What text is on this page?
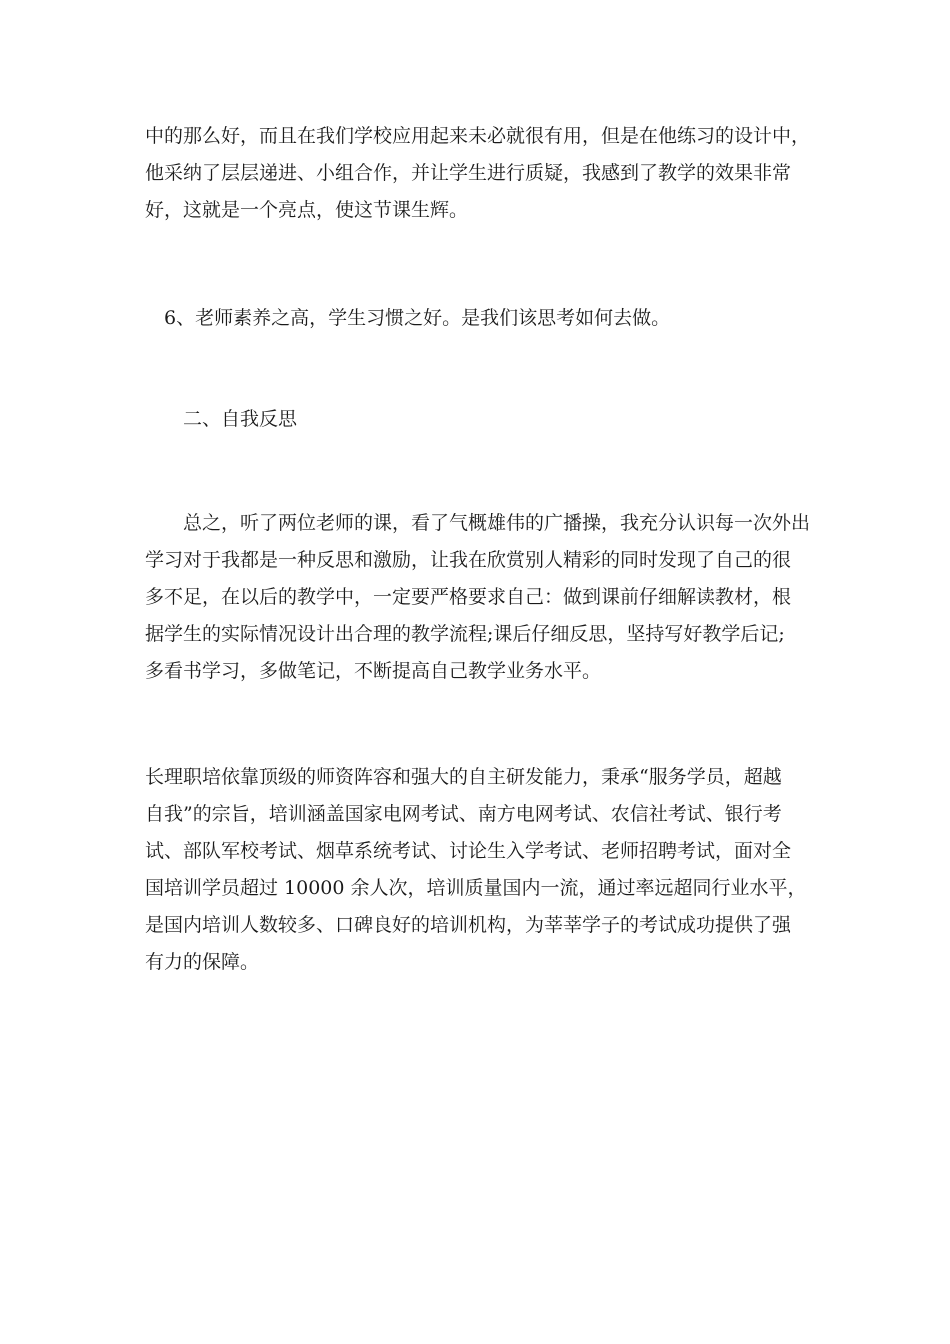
中的那么好，而且在我们学校应用起来未必就很有用，但是在他练习的设计中，
他采纳了层层递进、小组合作，并让学生进行质疑，我感到了教学的效果非常
好，这就是一个亮点，使这节课生辉。

　6、老师素养之高，学生习惯之好。是我们该思考如何去做。

　　二、自我反思

　　总之，听了两位老师的课，看了气概雄伟的广播操，我充分认识每一次外出
学习对于我都是一种反思和激励，让我在欣赏别人精彩的同时发现了自己的很
多不足，在以后的教学中，一定要严格要求自己：做到课前仔细解读教材，根
据学生的实际情况设计出合理的教学流程;课后仔细反思，坚持写好教学后记;
多看书学习，多做笔记，不断提高自己教学业务水平。

长理职培依靠顶级的师资阵容和强大的自主研发能力，秉承“服务学员，超越
自我”的宗旨，培训涵盖国家电网考试、南方电网考试、农信社考试、银行考
试、部队军校考试、烟草系统考试、讨论生入学考试、老师招聘考试，面对全
国培训学员超过 10000 余人次，培训质量国内一流，通过率远超同行业水平，
是国内培训人数较多、口碑良好的培训机构，为莘莘学子的考试成功提供了强
有力的保障。
